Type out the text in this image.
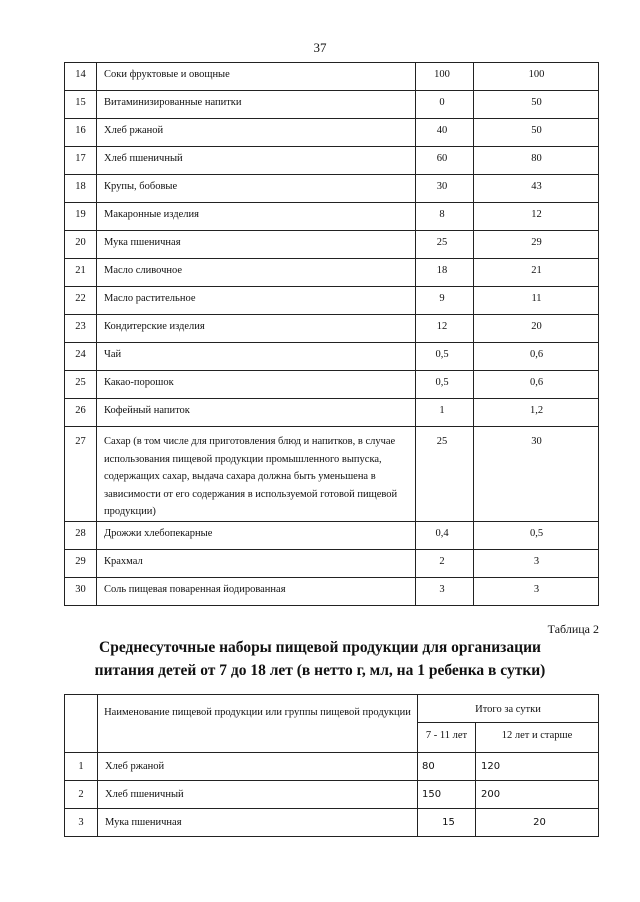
37
14	Соки фруктовые и овощные	100	100
15	Витаминизированные напитки	0	50
16	Хлеб ржаной	40	50
17	Хлеб пшеничный	60	80
18	Крупы, бобовые	30	43
19	Макаронные изделия	8	12
20	Мука пшеничная	25	29
21	Масло сливочное	18	21
22	Масло растительное	9	11
23	Кондитерские изделия	12	20
24	Чай	0,5	0,6
25	Какао-порошок	0,5	0,6
26	Кофейный напиток	1	1,2
27	Сахар (в том числе для приготовления блюд и напитков, в случае использования пищевой продукции промышленного выпуска, содержащих сахар, выдача сахара должна быть уменьшена в зависимости от его содержания в используемой готовой пищевой продукции)	25	30
28	Дрожжи хлебопекарные	0,4	0,5
29	Крахмал	2	3
30	Соль пищевая поваренная йодированная	3	3
Таблица 2
Среднесуточные наборы пищевой продукции для организации
питания детей от 7 до 18 лет (в нетто г, мл, на 1 ребенка в сутки)
	Наименование пищевой продукции или группы пищевой продукции	Итого за сутки	
		7 - 11 лет	12 лет и старше
1	Хлеб ржаной	80	120
2	Хлеб пшеничный	150	200
3	Мука пшеничная	15	20
